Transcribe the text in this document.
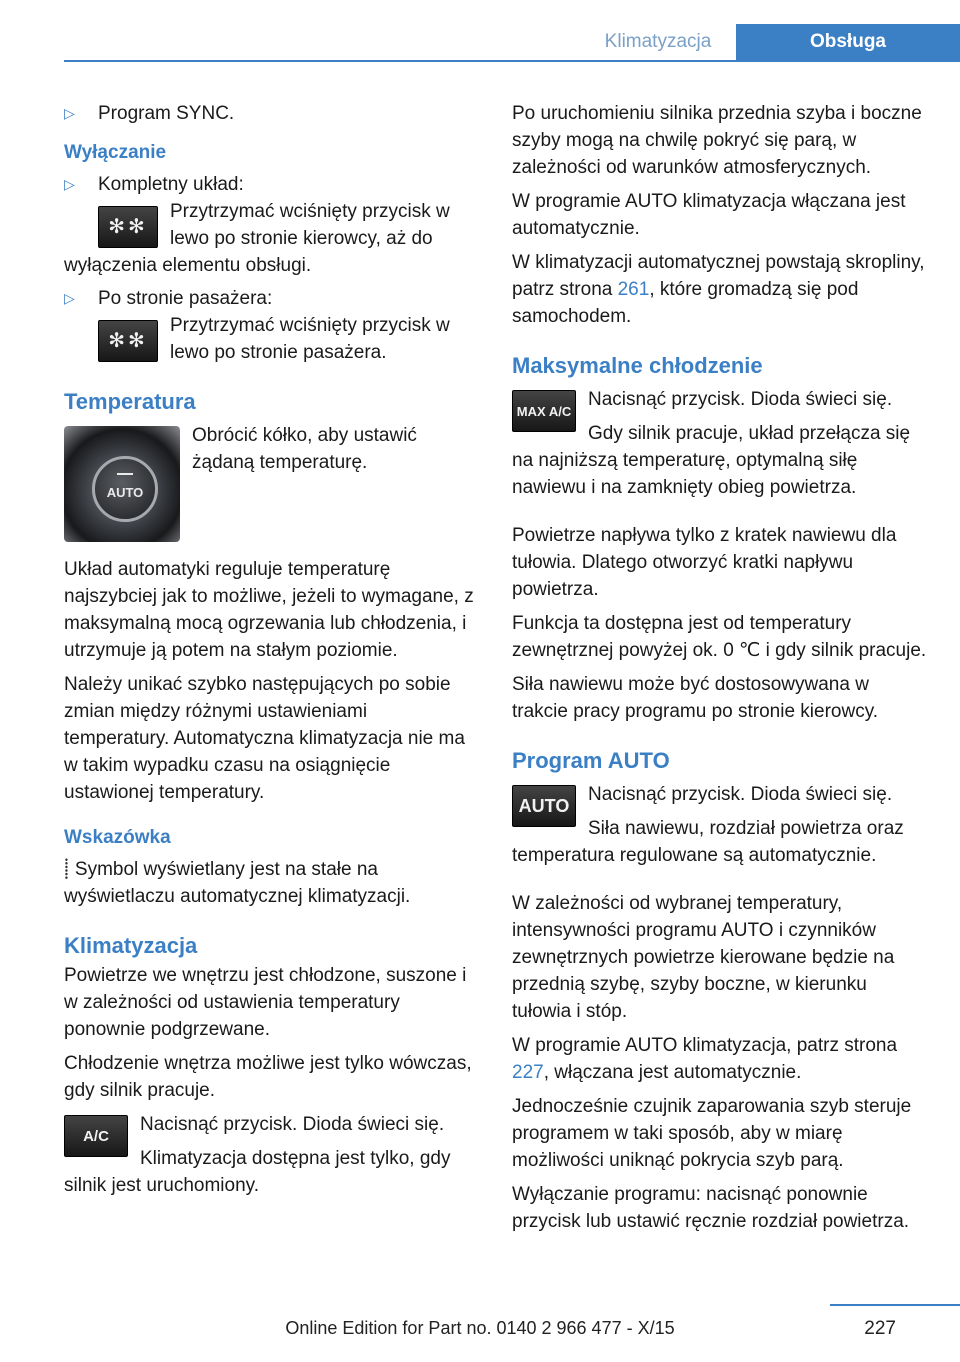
Klimatyzacja	Obsługa
▷ Program SYNC.
Wyłączanie
▷ Kompletny układ:
✻✻
Przytrzymać wciśnięty przycisk w lewo po stronie kierowcy, aż do wyłączenia elementu obsługi.
▷ Po stronie pasażera:
✻✻
Przytrzymać wciśnięty przycisk w lewo po stronie pasażera.
Temperatura
AUTO

Obrócić kółko, aby ustawić żądaną temperaturę.

Układ automatyki reguluje temperaturę najszybciej jak to możliwe, jeżeli to wymagane, z maksymalną mocą ogrzewania lub chłodzenia, i utrzymuje ją potem na stałym poziomie.

Należy unikać szybko następujących po sobie zmian między różnymi ustawieniami temperatury. Automatyczna klimatyzacja nie ma w takim wypadku czasu na osiągnięcie ustawionej temperatury.

Wskazówka

⸽ Symbol wyświetlany jest na stałe na wyświetlaczu automatycznej klimatyzacji.

Klimatyzacja

Powietrze we wnętrzu jest chłodzone, suszone i w zależności od ustawienia temperatury ponownie podgrzewane.

Chłodzenie wnętrza możliwe jest tylko wówczas, gdy silnik pracuje.

A/C

Nacisnąć przycisk. Dioda świeci się.

Klimatyzacja dostępna jest tylko, gdy silnik jest uruchomiony.

Po uruchomieniu silnika przednia szyba i boczne szyby mogą na chwilę pokryć się parą, w zależności od warunków atmosferycznych.

W programie AUTO klimatyzacja włączana jest automatycznie.

W klimatyzacji automatycznej powstają skropliny, patrz strona 261, które gromadzą się pod samochodem.

Maksymalne chłodzenie
MAX A/C

Nacisnąć przycisk. Dioda świeci się.

Gdy silnik pracuje, układ przełącza się na najniższą temperaturę, optymalną siłę nawiewu i na zamknięty obieg powietrza.

Powietrze napływa tylko z kratek nawiewu dla tułowia. Dlatego otworzyć kratki napływu powietrza.

Funkcja ta dostępna jest od temperatury zewnętrznej powyżej ok. 0 ℃ i gdy silnik pracuje.

Siła nawiewu może być dostosowywana w trakcie pracy programu po stronie kierowcy.

Program AUTO
AUTO

Nacisnąć przycisk. Dioda świeci się.

Siła nawiewu, rozdział powietrza oraz temperatura regulowane są automatycznie.

W zależności od wybranej temperatury, intensywności programu AUTO i czynników zewnętrznych powietrze kierowane będzie na przednią szybę, szyby boczne, w kierunku tułowia i stóp.

W programie AUTO klimatyzacja, patrz strona 227, włączana jest automatycznie.

Jednocześnie czujnik zaparowania szyb steruje programem w taki sposób, aby w miarę możliwości uniknąć pokrycia szyb parą.

Wyłączanie programu: nacisnąć ponownie przycisk lub ustawić ręcznie rozdział powietrza.

227
Online Edition for Part no. 0140 2 966 477 - X/15
